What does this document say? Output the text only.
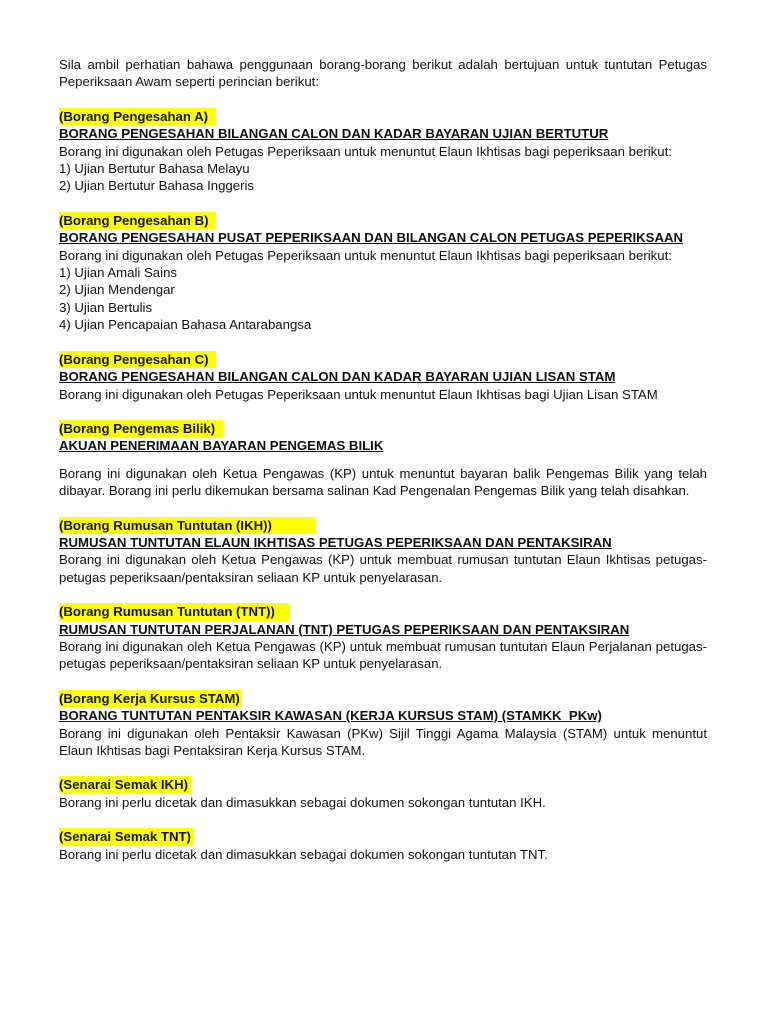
Sila ambil perhatian bahawa penggunaan borang-borang berikut adalah bertujuan untuk tuntutan Petugas Peperiksaan Awam seperti perincian berikut:

(Borang Pengesahan A)
BORANG PENGESAHAN BILANGAN CALON DAN KADAR BAYARAN UJIAN BERTUTUR
Borang ini digunakan oleh Petugas Peperiksaan untuk menuntut Elaun Ikhtisas bagi peperiksaan berikut:
1) Ujian Bertutur Bahasa Melayu
2) Ujian Bertutur Bahasa Inggeris
(Borang Pengesahan B)
BORANG PENGESAHAN PUSAT PEPERIKSAAN DAN BILANGAN CALON PETUGAS PEPERIKSAAN
Borang ini digunakan oleh Petugas Peperiksaan untuk menuntut Elaun Ikhtisas bagi peperiksaan berikut:
1) Ujian Amali Sains
2) Ujian Mendengar
3) Ujian Bertulis
4) Ujian Pencapaian Bahasa Antarabangsa
(Borang Pengesahan C)
BORANG PENGESAHAN BILANGAN CALON DAN KADAR BAYARAN UJIAN LISAN STAM
Borang ini digunakan oleh Petugas Peperiksaan untuk menuntut Elaun Ikhtisas bagi Ujian Lisan STAM
(Borang Pengemas Bilik)
AKUAN PENERIMAAN BAYARAN PENGEMAS BILIK
Borang ini digunakan oleh Ketua Pengawas (KP) untuk menuntut bayaran balik Pengemas Bilik yang telah dibayar. Borang ini perlu dikemukan bersama salinan Kad Pengenalan Pengemas Bilik yang telah disahkan.
(Borang Rumusan Tuntutan (IKH))
RUMUSAN TUNTUTAN ELAUN IKHTISAS PETUGAS PEPERIKSAAN DAN PENTAKSIRAN
Borang ini digunakan oleh Ketua Pengawas (KP) untuk membuat rumusan tuntutan Elaun Ikhtisas petugas-petugas peperiksaan/pentaksiran seliaan KP untuk penyelarasan.
(Borang Rumusan Tuntutan (TNT))
RUMUSAN TUNTUTAN PERJALANAN (TNT) PETUGAS PEPERIKSAAN DAN PENTAKSIRAN
Borang ini digunakan oleh Ketua Pengawas (KP) untuk membuat rumusan tuntutan Elaun Perjalanan petugas-petugas peperiksaan/pentaksiran seliaan KP untuk penyelarasan.
(Borang Kerja Kursus STAM)
BORANG TUNTUTAN PENTAKSIR KAWASAN (KERJA KURSUS STAM) (STAMKK_PKw)
Borang ini digunakan oleh Pentaksir Kawasan (PKw) Sijil Tinggi Agama Malaysia (STAM) untuk menuntut Elaun Ikhtisas bagi Pentaksiran Kerja Kursus STAM.
(Senarai Semak IKH)
Borang ini perlu dicetak dan dimasukkan sebagai dokumen sokongan tuntutan IKH.
(Senarai Semak TNT)
Borang ini perlu dicetak dan dimasukkan sebagai dokumen sokongan tuntutan TNT.
